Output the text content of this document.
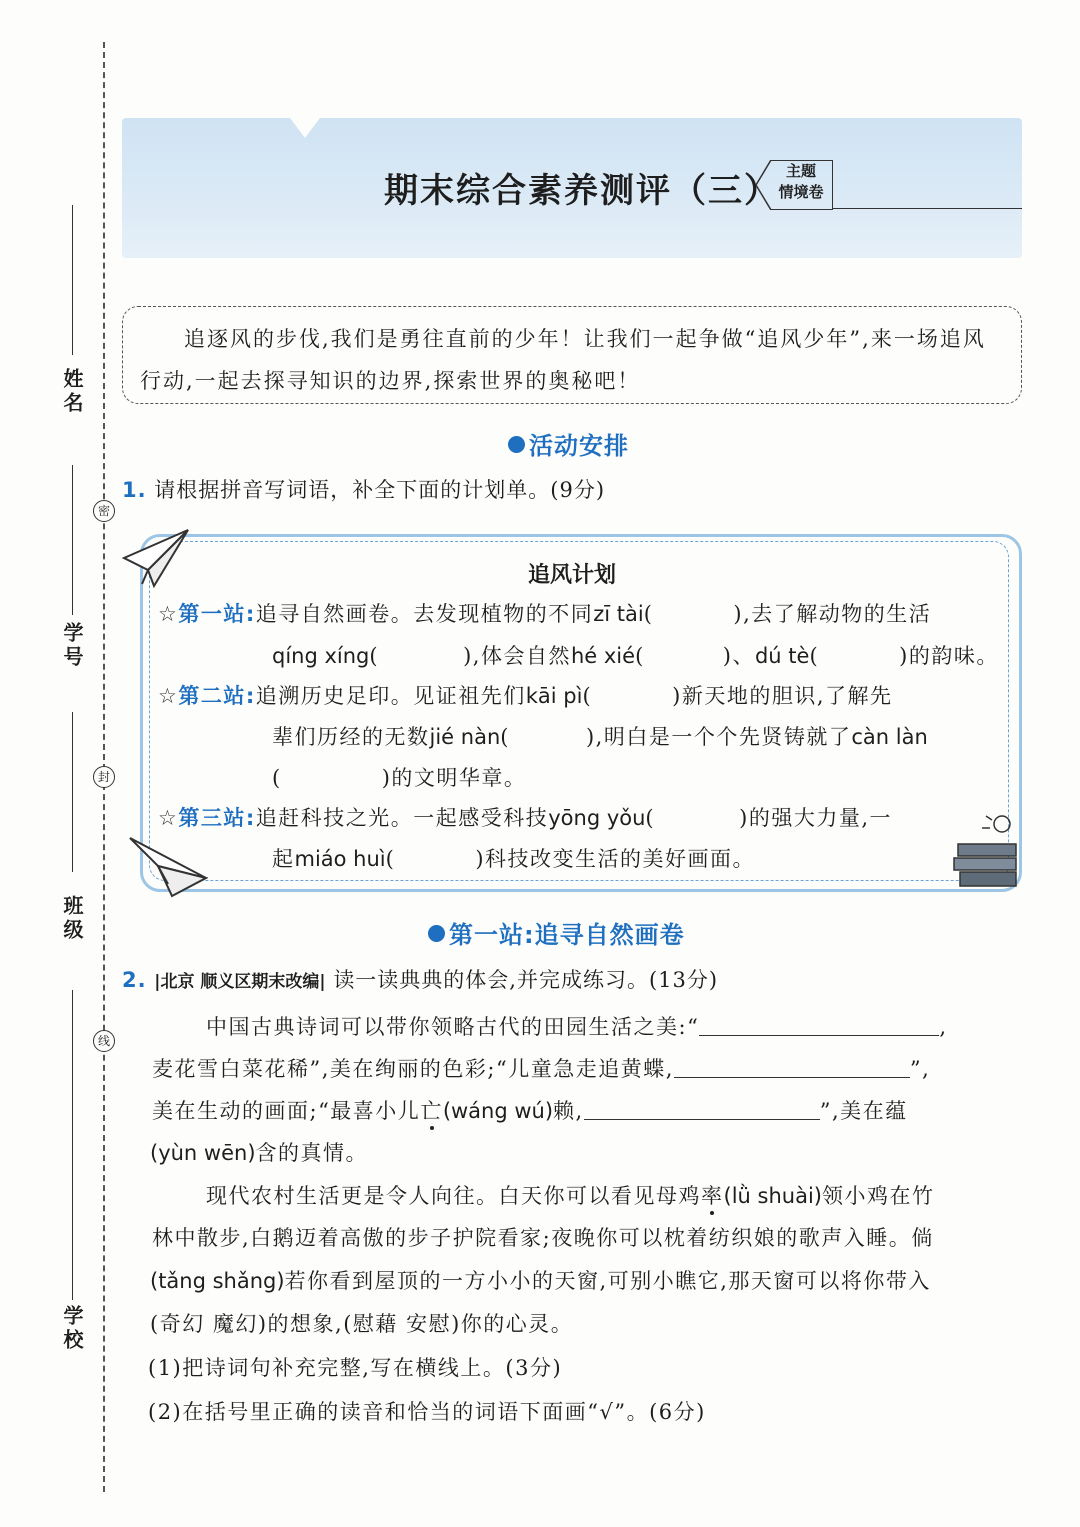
姓名
学号
班级
学校
密
封
线
期末综合素养测评（三） 主题
情境卷
追逐风的步伐,我们是勇往直前的少年！让我们一起争做“追风少年”,来一场追风行动,一起去探寻知识的边界,探索世界的奥秘吧！
活动安排
1. 请根据拼音写词语，补全下面的计划单。(9分)
追风计划
☆第一站:追寻自然画卷。去发现植物的不同zī tài(	),去了解动物的生活
qíng xíng(	),体会自然hé xié(	)、dú tè(	)的韵味。
☆第二站:追溯历史足印。见证祖先们kāi pì(	)新天地的胆识,了解先
辈们历经的无数jié nàn(	),明白是一个个先贤铸就了càn làn
(	)的文明华章。
☆第三站:追赶科技之光。一起感受科技yōng yǒu(	)的强大力量,一
起miáo huì(	)科技改变生活的美好画面。
第一站:追寻自然画卷
2. |北京 顺义区期末改编| 读一读典典的体会,并完成练习。(13分)
中国古典诗词可以带你领略古代的田园生活之美:“	,
麦花雪白菜花稀”,美在绚丽的色彩;“儿童急走追黄蝶,	”,
美在生动的画面;“最喜小儿亡(wáng wú)赖,	”,美在蕴
(yùn wēn)含的真情。
现代农村生活更是令人向往。白天你可以看见母鸡率(lǜ shuài)领小鸡在竹
林中散步,白鹅迈着高傲的步子护院看家;夜晚你可以枕着纺织娘的歌声入睡。倘
(tǎng shǎng)若你看到屋顶的一方小小的天窗,可别小瞧它,那天窗可以将你带入
(奇幻 魔幻)的想象,(慰藉 安慰)你的心灵。
(1)把诗词句补充完整,写在横线上。(3分)
(2)在括号里正确的读音和恰当的词语下面画“√”。(6分)
